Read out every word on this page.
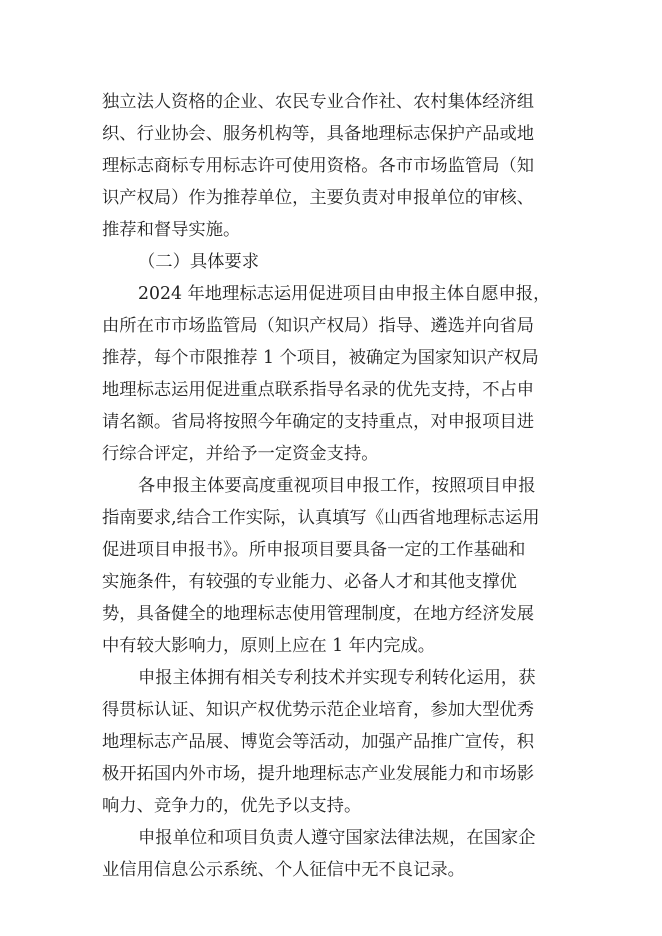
独立法人资格的企业、农民专业合作社、农村集体经济组
织、行业协会、服务机构等，具备地理标志保护产品或地
理标志商标专用标志许可使用资格。各市市场监管局（知
识产权局）作为推荐单位，主要负责对申报单位的审核、
推荐和督导实施。
（二）具体要求
2024 年地理标志运用促进项目由申报主体自愿申报，
由所在市市场监管局（知识产权局）指导、遴选并向省局
推荐，每个市限推荐 1 个项目，被确定为国家知识产权局
地理标志运用促进重点联系指导名录的优先支持，不占申
请名额。省局将按照今年确定的支持重点，对申报项目进
行综合评定，并给予一定资金支持。
各申报主体要高度重视项目申报工作，按照项目申报
指南要求,结合工作实际，认真填写《山西省地理标志运用
促进项目申报书》。所申报项目要具备一定的工作基础和
实施条件，有较强的专业能力、必备人才和其他支撑优
势，具备健全的地理标志使用管理制度，在地方经济发展
中有较大影响力，原则上应在 1 年内完成。
申报主体拥有相关专利技术并实现专利转化运用，获
得贯标认证、知识产权优势示范企业培育，参加大型优秀
地理标志产品展、博览会等活动，加强产品推广宣传，积
极开拓国内外市场，提升地理标志产业发展能力和市场影
响力、竞争力的，优先予以支持。
申报单位和项目负责人遵守国家法律法规，在国家企
业信用信息公示系统、个人征信中无不良记录。
